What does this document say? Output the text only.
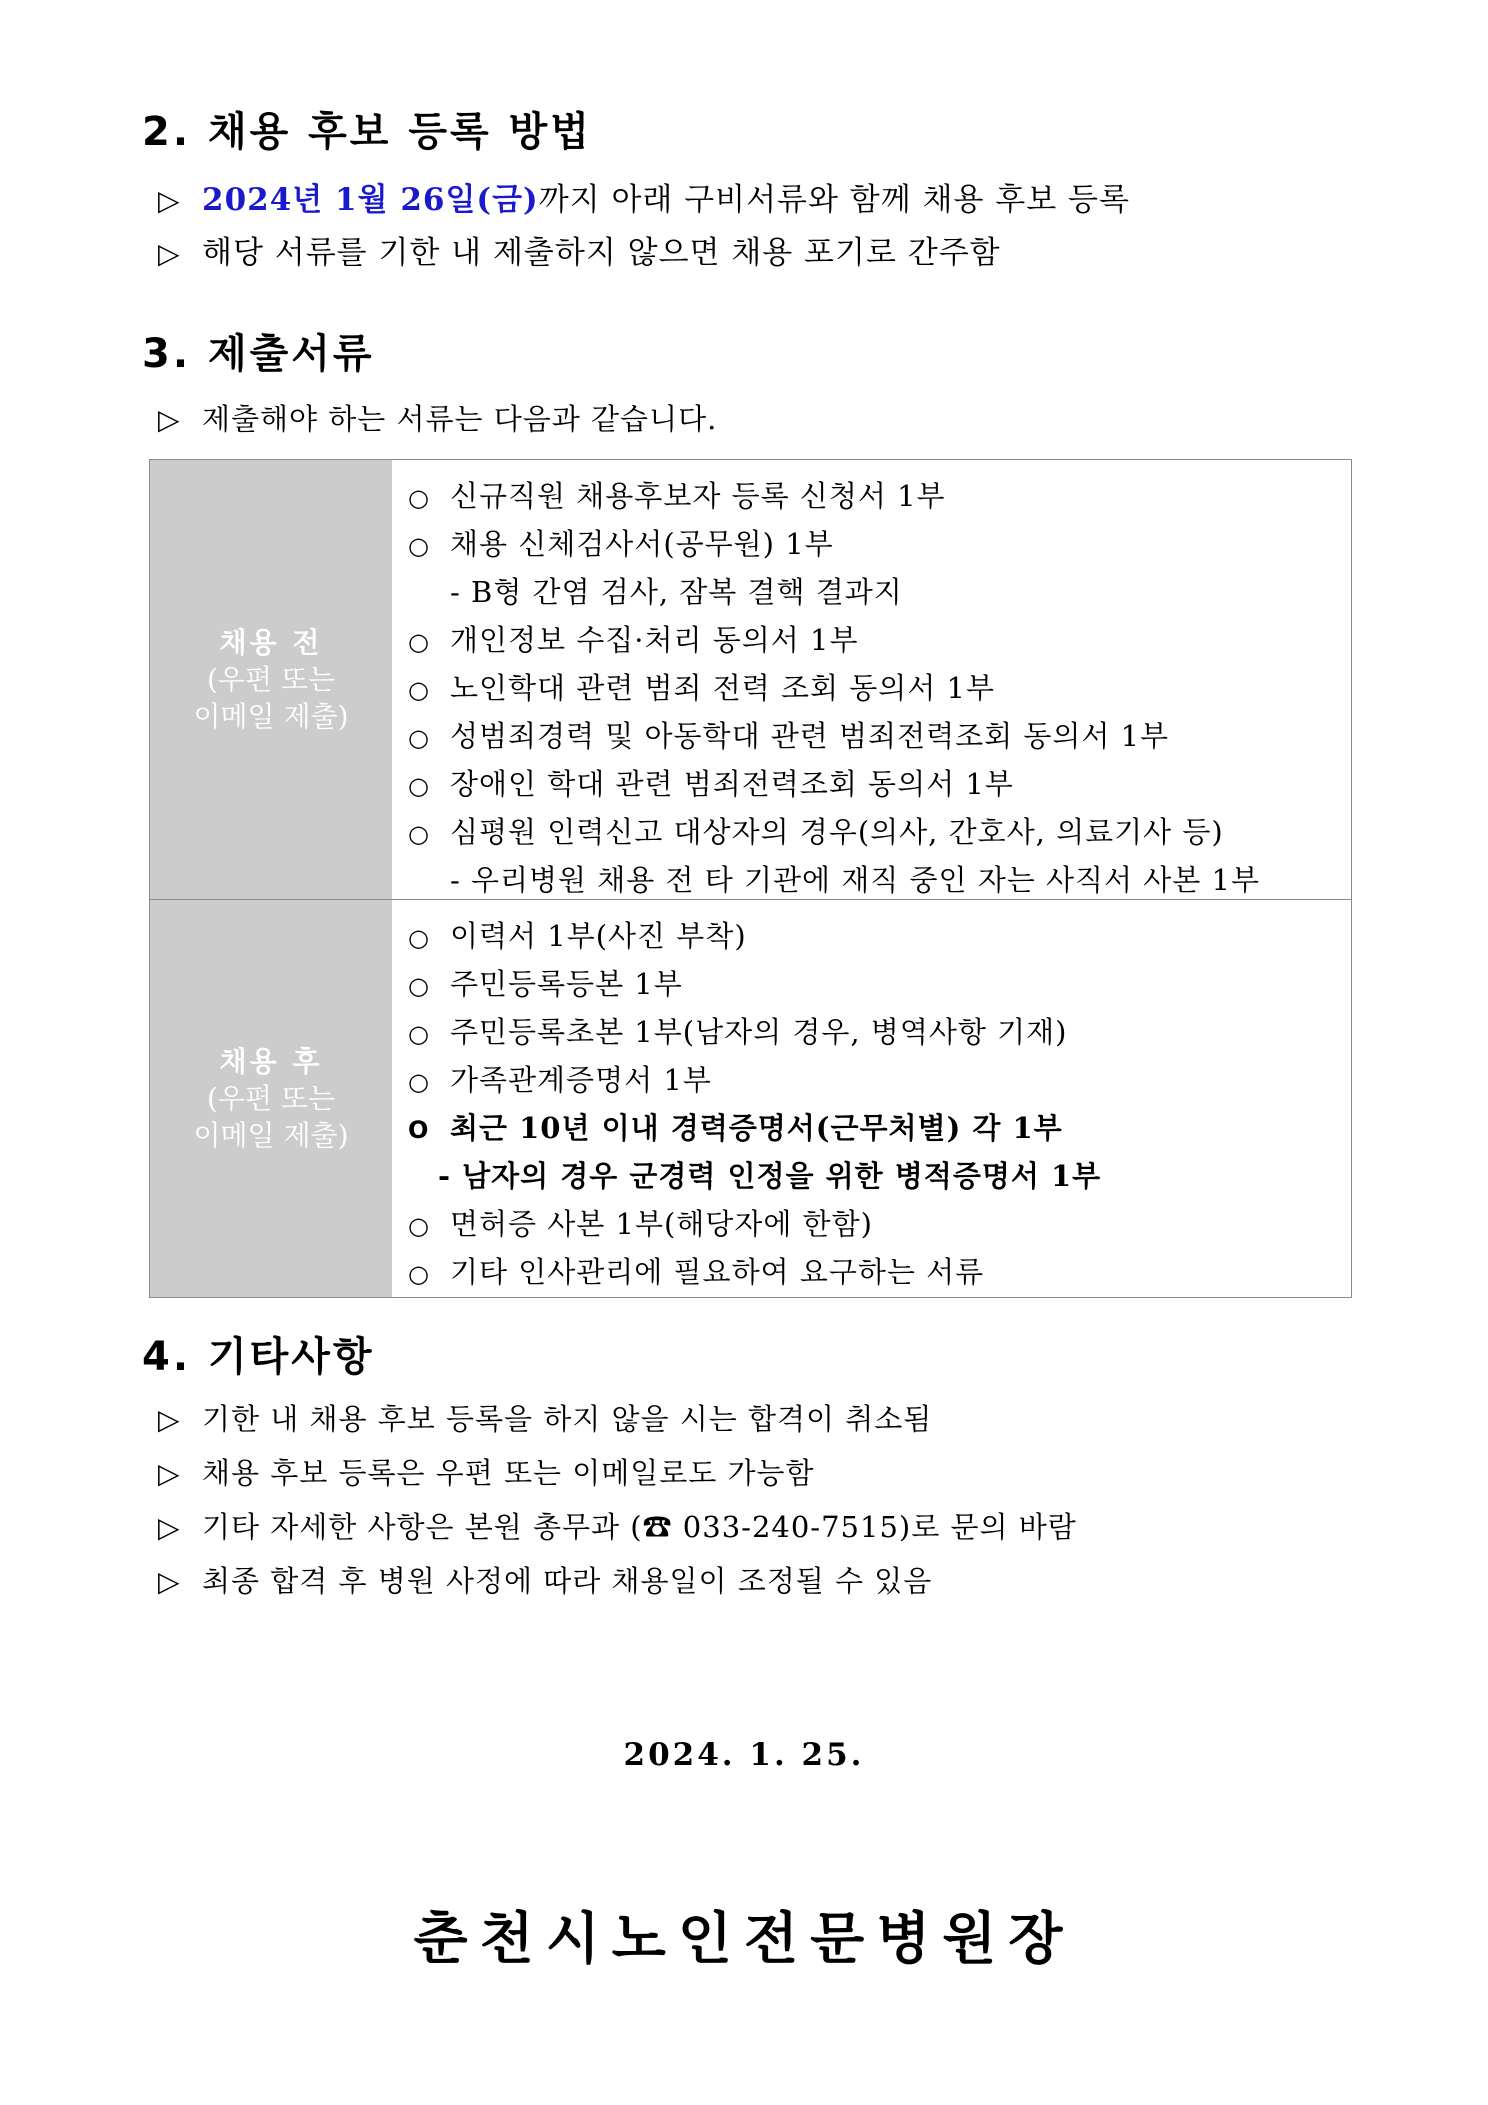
2. 채용 후보 등록 방법
▷ 2024년 1월 26일(금)까지 아래 구비서류와 함께 채용 후보 등록
▷ 해당 서류를 기한 내 제출하지 않으면 채용 포기로 간주함
3. 제출서류
▷ 제출해야 하는 서류는 다음과 같습니다.
채용 전
(우편 또는
이메일 제출)
○ 신규직원 채용후보자 등록 신청서 1부
○ 채용 신체검사서(공무원) 1부
- B형 간염 검사, 잠복 결핵 결과지
○ 개인정보 수집·처리 동의서 1부
○ 노인학대 관련 범죄 전력 조회 동의서 1부
○ 성범죄경력 및 아동학대 관련 범죄전력조회 동의서 1부
○ 장애인 학대 관련 범죄전력조회 동의서 1부
○ 심평원 인력신고 대상자의 경우(의사, 간호사, 의료기사 등)
- 우리병원 채용 전 타 기관에 재직 중인 자는 사직서 사본 1부
채용 후
(우편 또는
이메일 제출)
○ 이력서 1부(사진 부착)
○ 주민등록등본 1부
○ 주민등록초본 1부(남자의 경우, 병역사항 기재)
○ 가족관계증명서 1부
O 최근 10년 이내 경력증명서(근무처별) 각 1부
- 남자의 경우 군경력 인정을 위한 병적증명서 1부
○ 면허증 사본 1부(해당자에 한함)
○ 기타 인사관리에 필요하여 요구하는 서류
4. 기타사항
▷ 기한 내 채용 후보 등록을 하지 않을 시는 합격이 취소됨
▷ 채용 후보 등록은 우편 또는 이메일로도 가능함
▷ 기타 자세한 사항은 본원 총무과 (☎ 033-240-7515)로 문의 바람
▷ 최종 합격 후 병원 사정에 따라 채용일이 조정될 수 있음
2024. 1. 25.
춘천시노인전문병원장
